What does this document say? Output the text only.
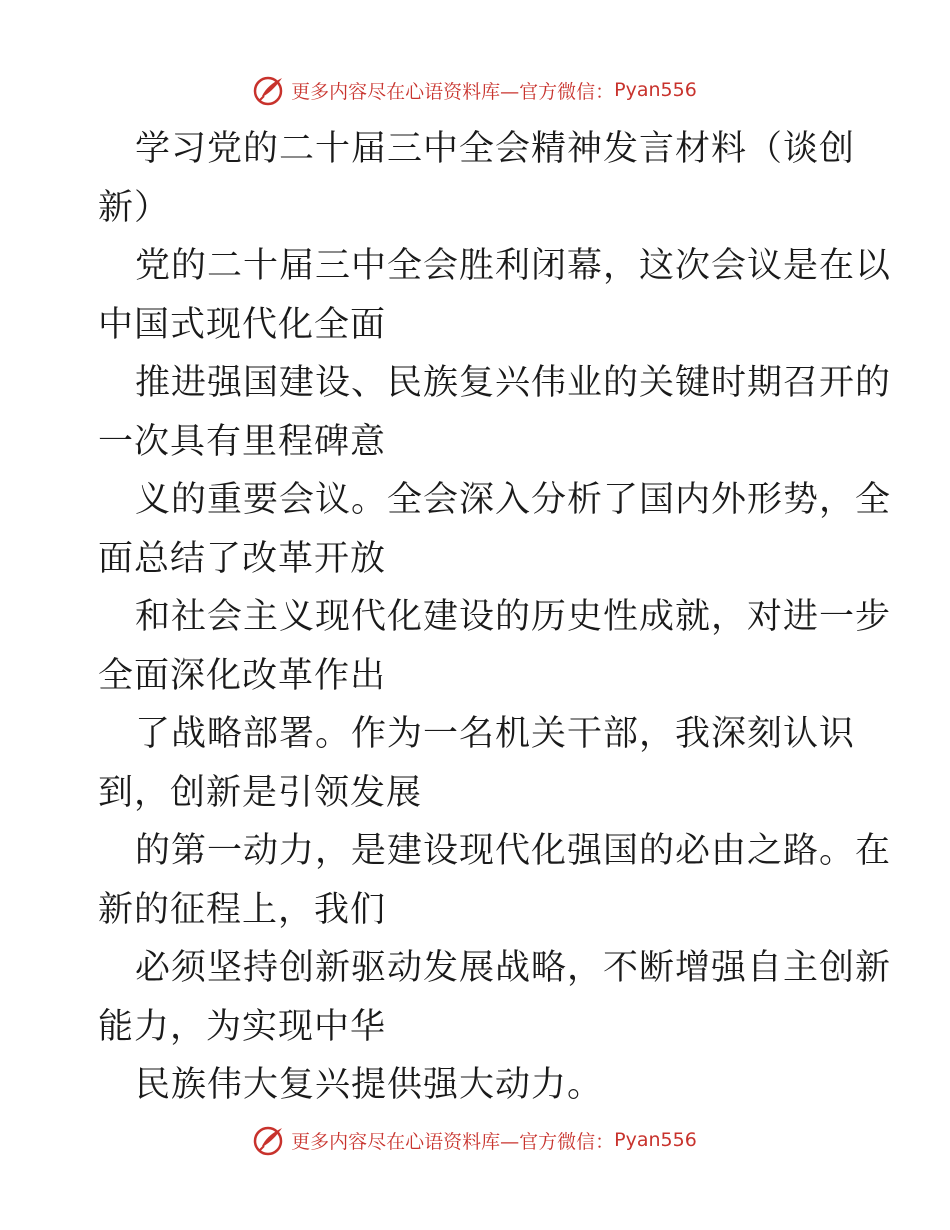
更多内容尽在心语资料库—官方微信： Pyan556

学习党的二十届三中全会精神发言材料（谈创
新）

党的二十届三中全会胜利闭幕，这次会议是在以
中国式现代化全面

推进强国建设、民族复兴伟业的关键时期召开的
一次具有里程碑意

义的重要会议。全会深入分析了国内外形势，全
面总结了改革开放

和社会主义现代化建设的历史性成就，对进一步
全面深化改革作出

了战略部署。作为一名机关干部，我深刻认识
到，创新是引领发展

的第一动力，是建设现代化强国的必由之路。在
新的征程上，我们

必须坚持创新驱动发展战略，不断增强自主创新
能力，为实现中华

民族伟大复兴提供强大动力。

更多内容尽在心语资料库—官方微信： Pyan556
